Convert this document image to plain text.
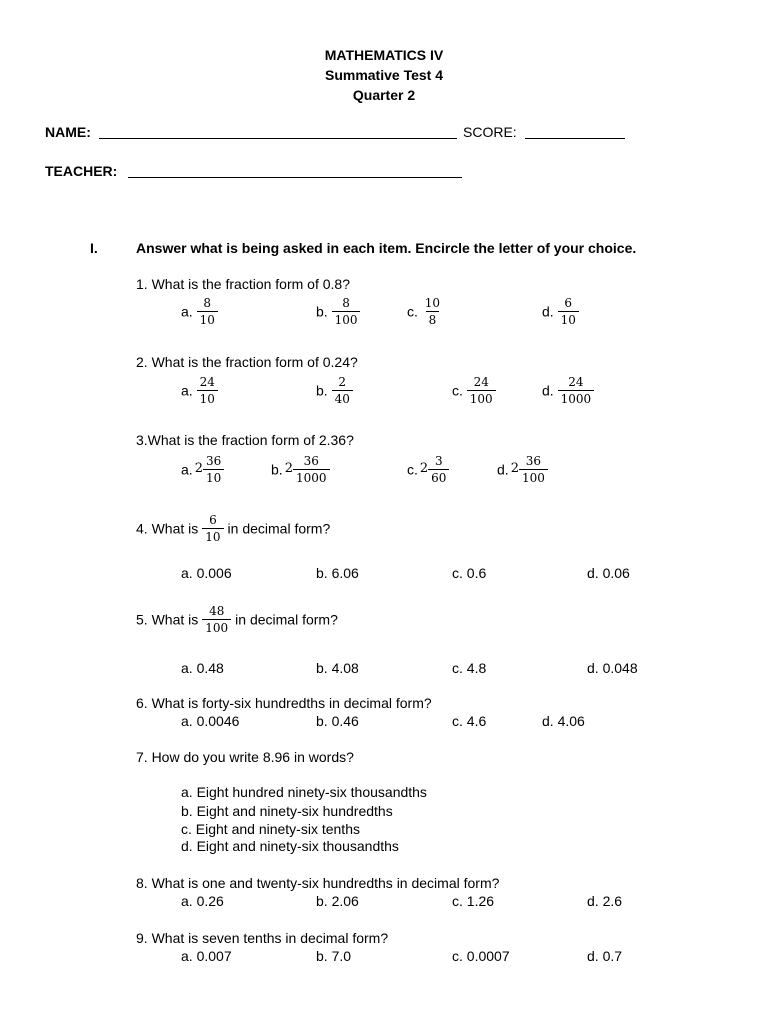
MATHEMATICS IV
Summative Test 4
Quarter 2
NAME:	SCORE:
TEACHER:
I.	Answer what is being asked in each item. Encircle the letter of your choice.
1. What is the fraction form of 0.8?
a. $\frac{8}{10}$	b. $\frac{8}{100}$	c. $\frac{10}{8}$	d. $\frac{6}{10}$
2. What is the fraction form of 0.24?
a. $\frac{24}{10}$	b. $\frac{2}{40}$	c. $\frac{24}{100}$	d. $\frac{24}{1000}$
3.What is the fraction form of 2.36?
a. $2 \frac{36}{10}$	b. $2 \frac{36}{1000}$	c. $2 \frac{3}{60}$	d. $2 \frac{36}{100}$
4. What is $\frac{6}{10}$ in decimal form?
a. 0.006	b. 6.06	c. 0.6	d. 0.06
5. What is $\frac{48}{100}$ in decimal form?
a. 0.48	b. 4.08	c. 4.8	d. 0.048
6. What is forty-six hundredths in decimal form?
a. 0.0046	b. 0.46	c. 4.6	d. 4.06
7. How do you write 8.96 in words?
a. Eight hundred ninety-six thousandths
b. Eight and ninety-six hundredths
c. Eight and ninety-six tenths
d. Eight and ninety-six thousandths
8. What is one and twenty-six hundredths in decimal form?
a. 0.26	b. 2.06	c. 1.26	d. 2.6
9. What is seven tenths in decimal form?
a. 0.007	b. 7.0	c. 0.0007	d. 0.7
